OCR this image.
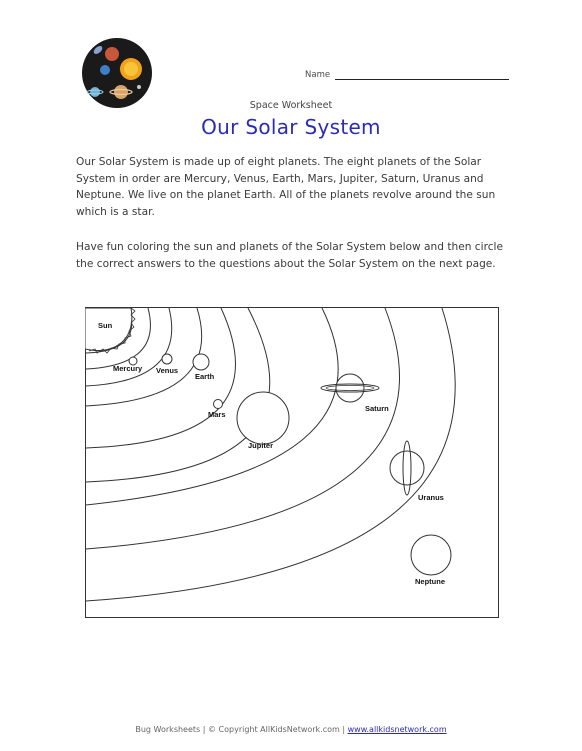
Name
Space Worksheet
Our Solar System

Our Solar System is made up of eight planets. The eight planets of the Solar System in order are Mercury, Venus, Earth, Mars, Jupiter, Saturn, Uranus and Neptune. We live on the planet Earth. All of the planets revolve around the sun which is a star.

Have fun coloring the sun and planets of the Solar System below and then circle the correct answers to the questions about the Solar System on the next page.

Sun
Mercury Venus
Earth
Mars
Jupiter
Saturn
Uranus
Neptune
Bug Worksheets | © Copyright AllKidsNetwork.com | www.allkidsnetwork.com
